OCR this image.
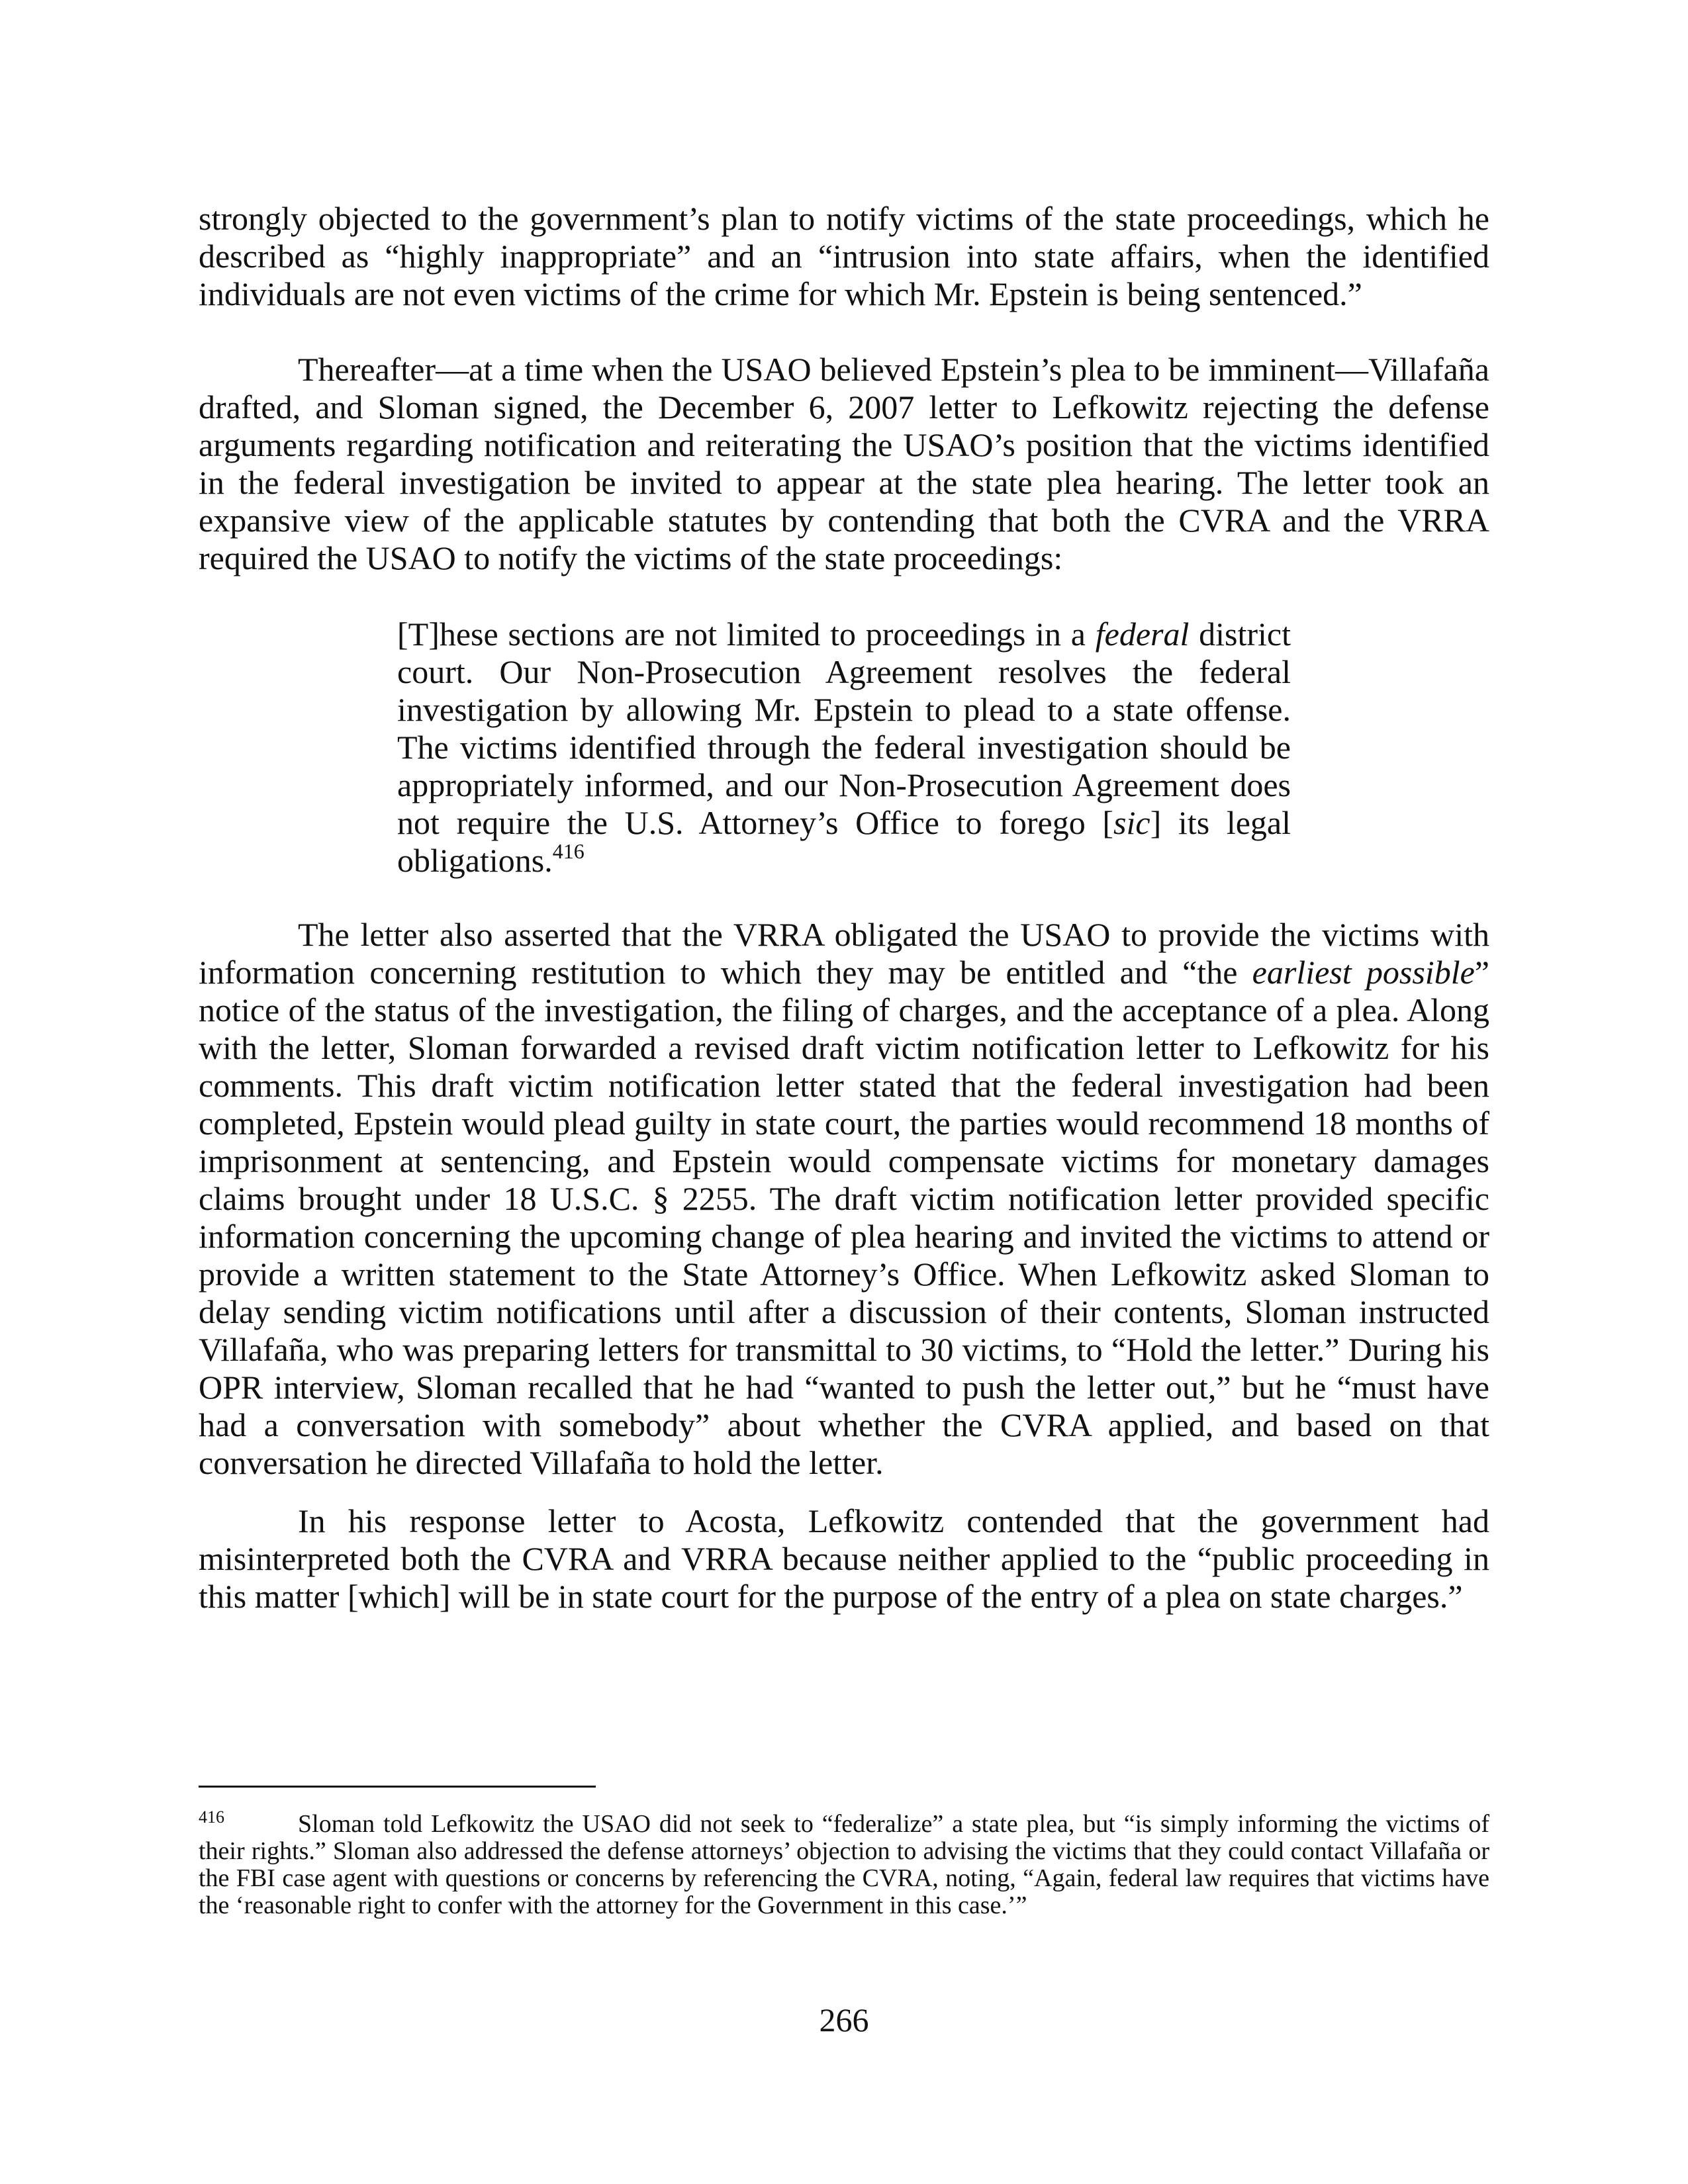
strongly objected to the government’s plan to notify victims of the state proceedings, which he described as “highly inappropriate” and an “intrusion into state affairs, when the identified individuals are not even victims of the crime for which Mr. Epstein is being sentenced.”

Thereafter—at a time when the USAO believed Epstein’s plea to be imminent—Villafaña drafted, and Sloman signed, the December 6, 2007 letter to Lefkowitz rejecting the defense arguments regarding notification and reiterating the USAO’s position that the victims identified in the federal investigation be invited to appear at the state plea hearing. The letter took an expansive view of the applicable statutes by contending that both the CVRA and the VRRA required the USAO to notify the victims of the state proceedings:

[T]hese sections are not limited to proceedings in a federal district court. Our Non-Prosecution Agreement resolves the federal investigation by allowing Mr. Epstein to plead to a state offense. The victims identified through the federal investigation should be appropriately informed, and our Non-Prosecution Agreement does not require the U.S. Attorney’s Office to forego [sic] its legal obligations.$^{416}$

The letter also asserted that the VRRA obligated the USAO to provide the victims with information concerning restitution to which they may be entitled and “the earliest possible” notice of the status of the investigation, the filing of charges, and the acceptance of a plea. Along with the letter, Sloman forwarded a revised draft victim notification letter to Lefkowitz for his comments. This draft victim notification letter stated that the federal investigation had been completed, Epstein would plead guilty in state court, the parties would recommend 18 months of imprisonment at sentencing, and Epstein would compensate victims for monetary damages claims brought under 18 U.S.C. § 2255. The draft victim notification letter provided specific information concerning the upcoming change of plea hearing and invited the victims to attend or provide a written statement to the State Attorney’s Office. When Lefkowitz asked Sloman to delay sending victim notifications until after a discussion of their contents, Sloman instructed Villafaña, who was preparing letters for transmittal to 30 victims, to “Hold the letter.” During his OPR interview, Sloman recalled that he had “wanted to push the letter out,” but he “must have had a conversation with somebody” about whether the CVRA applied, and based on that conversation he directed Villafaña to hold the letter.

In his response letter to Acosta, Lefkowitz contended that the government had misinterpreted both the CVRA and VRRA because neither applied to the “public proceeding in this matter [which] will be in state court for the purpose of the entry of a plea on state charges.”

416	Sloman told Lefkowitz the USAO did not seek to “federalize” a state plea, but “is simply informing the victims of their rights.” Sloman also addressed the defense attorneys’ objection to advising the victims that they could contact Villafaña or the FBI case agent with questions or concerns by referencing the CVRA, noting, “Again, federal law requires that victims have the ‘reasonable right to confer with the attorney for the Government in this case.’”

266
